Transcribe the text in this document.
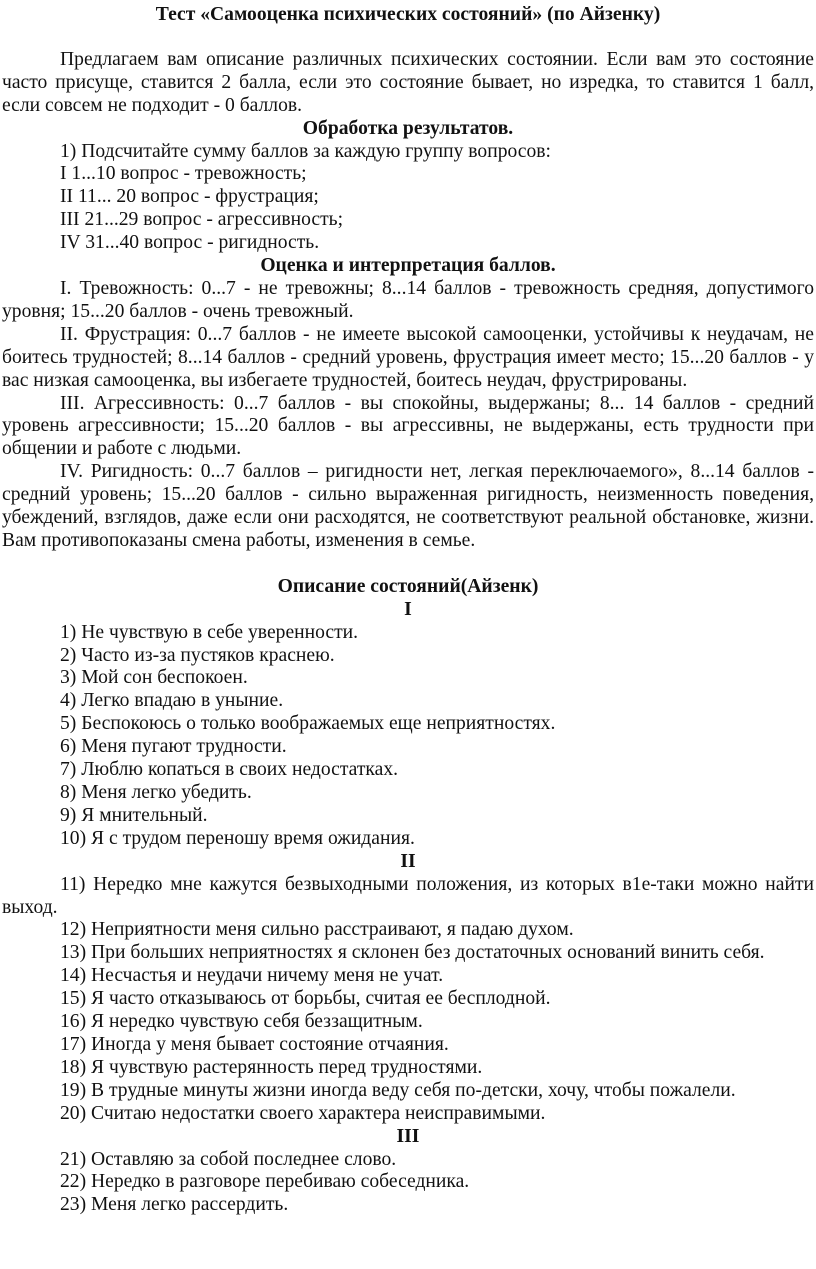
Тест «Самооценка психических состояний» (по Айзенку)

Предлагаем вам описание различных психических состоянии. Если вам это состояние часто присуще, ставится 2 балла, если это состояние бывает, но изредка, то ставится 1 балл, если совсем не подходит - 0 баллов.

Обработка результатов.

1) Подсчитайте сумму баллов за каждую группу вопросов:

I 1...10 вопрос - тревожность;

II 11... 20 вопрос - фрустрация;

III 21...29 вопрос - агрессивность;

IV 31...40 вопрос - ригидность.

Оценка и интерпретация баллов.

I. Тревожность: 0...7 - не тревожны; 8...14 баллов - тревожность средняя, допустимого уровня; 15...20 баллов - очень тревожный.

II. Фрустрация: 0...7 баллов - не имеете высокой самооценки, устойчивы к неудачам, не боитесь трудностей; 8...14 баллов - средний уровень, фрустрация имеет место; 15...20 баллов - у вас низкая самооценка, вы избегаете трудностей, боитесь неудач, фрустрированы.

III. Агрессивность: 0...7 баллов - вы спокойны, выдержаны; 8... 14 баллов - средний уровень агрессивности; 15...20 баллов - вы агрессивны, не выдержаны, есть трудности при общении и работе с людьми.

IV. Ригидность: 0...7 баллов – ригидности нет, легкая переключаемого», 8...14 баллов - средний уровень; 15...20 баллов - сильно выраженная ригидность, неизменность поведения, убеждений, взглядов, даже если они расходятся, не соответствуют реальной обстановке, жизни. Вам противопоказаны смена работы, изменения в семье.

Описание состояний(Айзенк)

I

1) Не чувствую в себе уверенности.

2) Часто из-за пустяков краснею.

3) Мой сон беспокоен.

4) Легко впадаю в уныние.

5) Беспокоюсь о только воображаемых еще неприятностях.

6) Меня пугают трудности.

7) Люблю копаться в своих недостатках.

8) Меня легко убедить.

9) Я мнительный.

10) Я с трудом переношу время ожидания.

II

11) Нередко мне кажутся безвыходными положения, из которых в1е-таки можно найти выход.

12) Неприятности меня сильно расстраивают, я падаю духом.

13) При больших неприятностях я склонен без достаточных оснований винить себя.

14) Несчастья и неудачи ничему меня не учат.

15) Я часто отказываюсь от борьбы, считая ее бесплодной.

16) Я нередко чувствую себя беззащитным.

17) Иногда у меня бывает состояние отчаяния.

18) Я чувствую растерянность перед трудностями.

19) В трудные минуты жизни иногда веду себя по-детски, хочу, чтобы пожалели.

20) Считаю недостатки своего характера неисправимыми.

III

21) Оставляю за собой последнее слово.

22) Нередко в разговоре перебиваю собеседника.

23) Меня легко рассердить.
